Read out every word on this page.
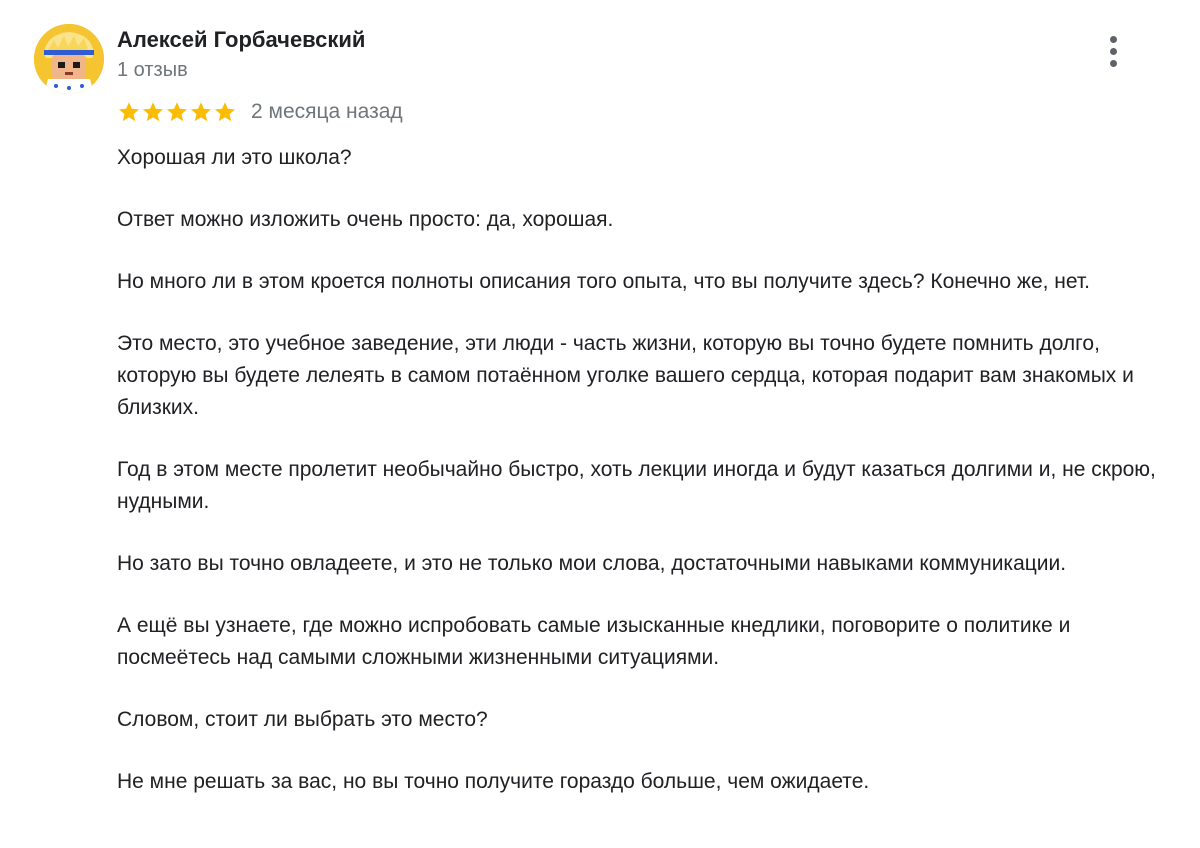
Алексей Горбачевский
1 отзыв
2 месяца назад

Хорошая ли это школа?

Ответ можно изложить очень просто: да, хорошая.

Но много ли в этом кроется полноты описания того опыта, что вы получите здесь? Конечно же, нет.

Это место, это учебное заведение, эти люди - часть жизни, которую вы точно будете помнить долго, которую вы будете лелеять в самом потаённом уголке вашего сердца, которая подарит вам знакомых и близких.

Год в этом месте пролетит необычайно быстро, хоть лекции иногда и будут казаться долгими и, не скрою, нудными.

Но зато вы точно овладеете, и это не только мои слова, достаточными навыками коммуникации.

А ещё вы узнаете, где можно испробовать самые изысканные кнедлики, поговорите о политике и посмеётесь над самыми сложными жизненными ситуациями.

Словом, стоит ли выбрать это место?

Не мне решать за вас, но вы точно получите гораздо больше, чем ожидаете.
